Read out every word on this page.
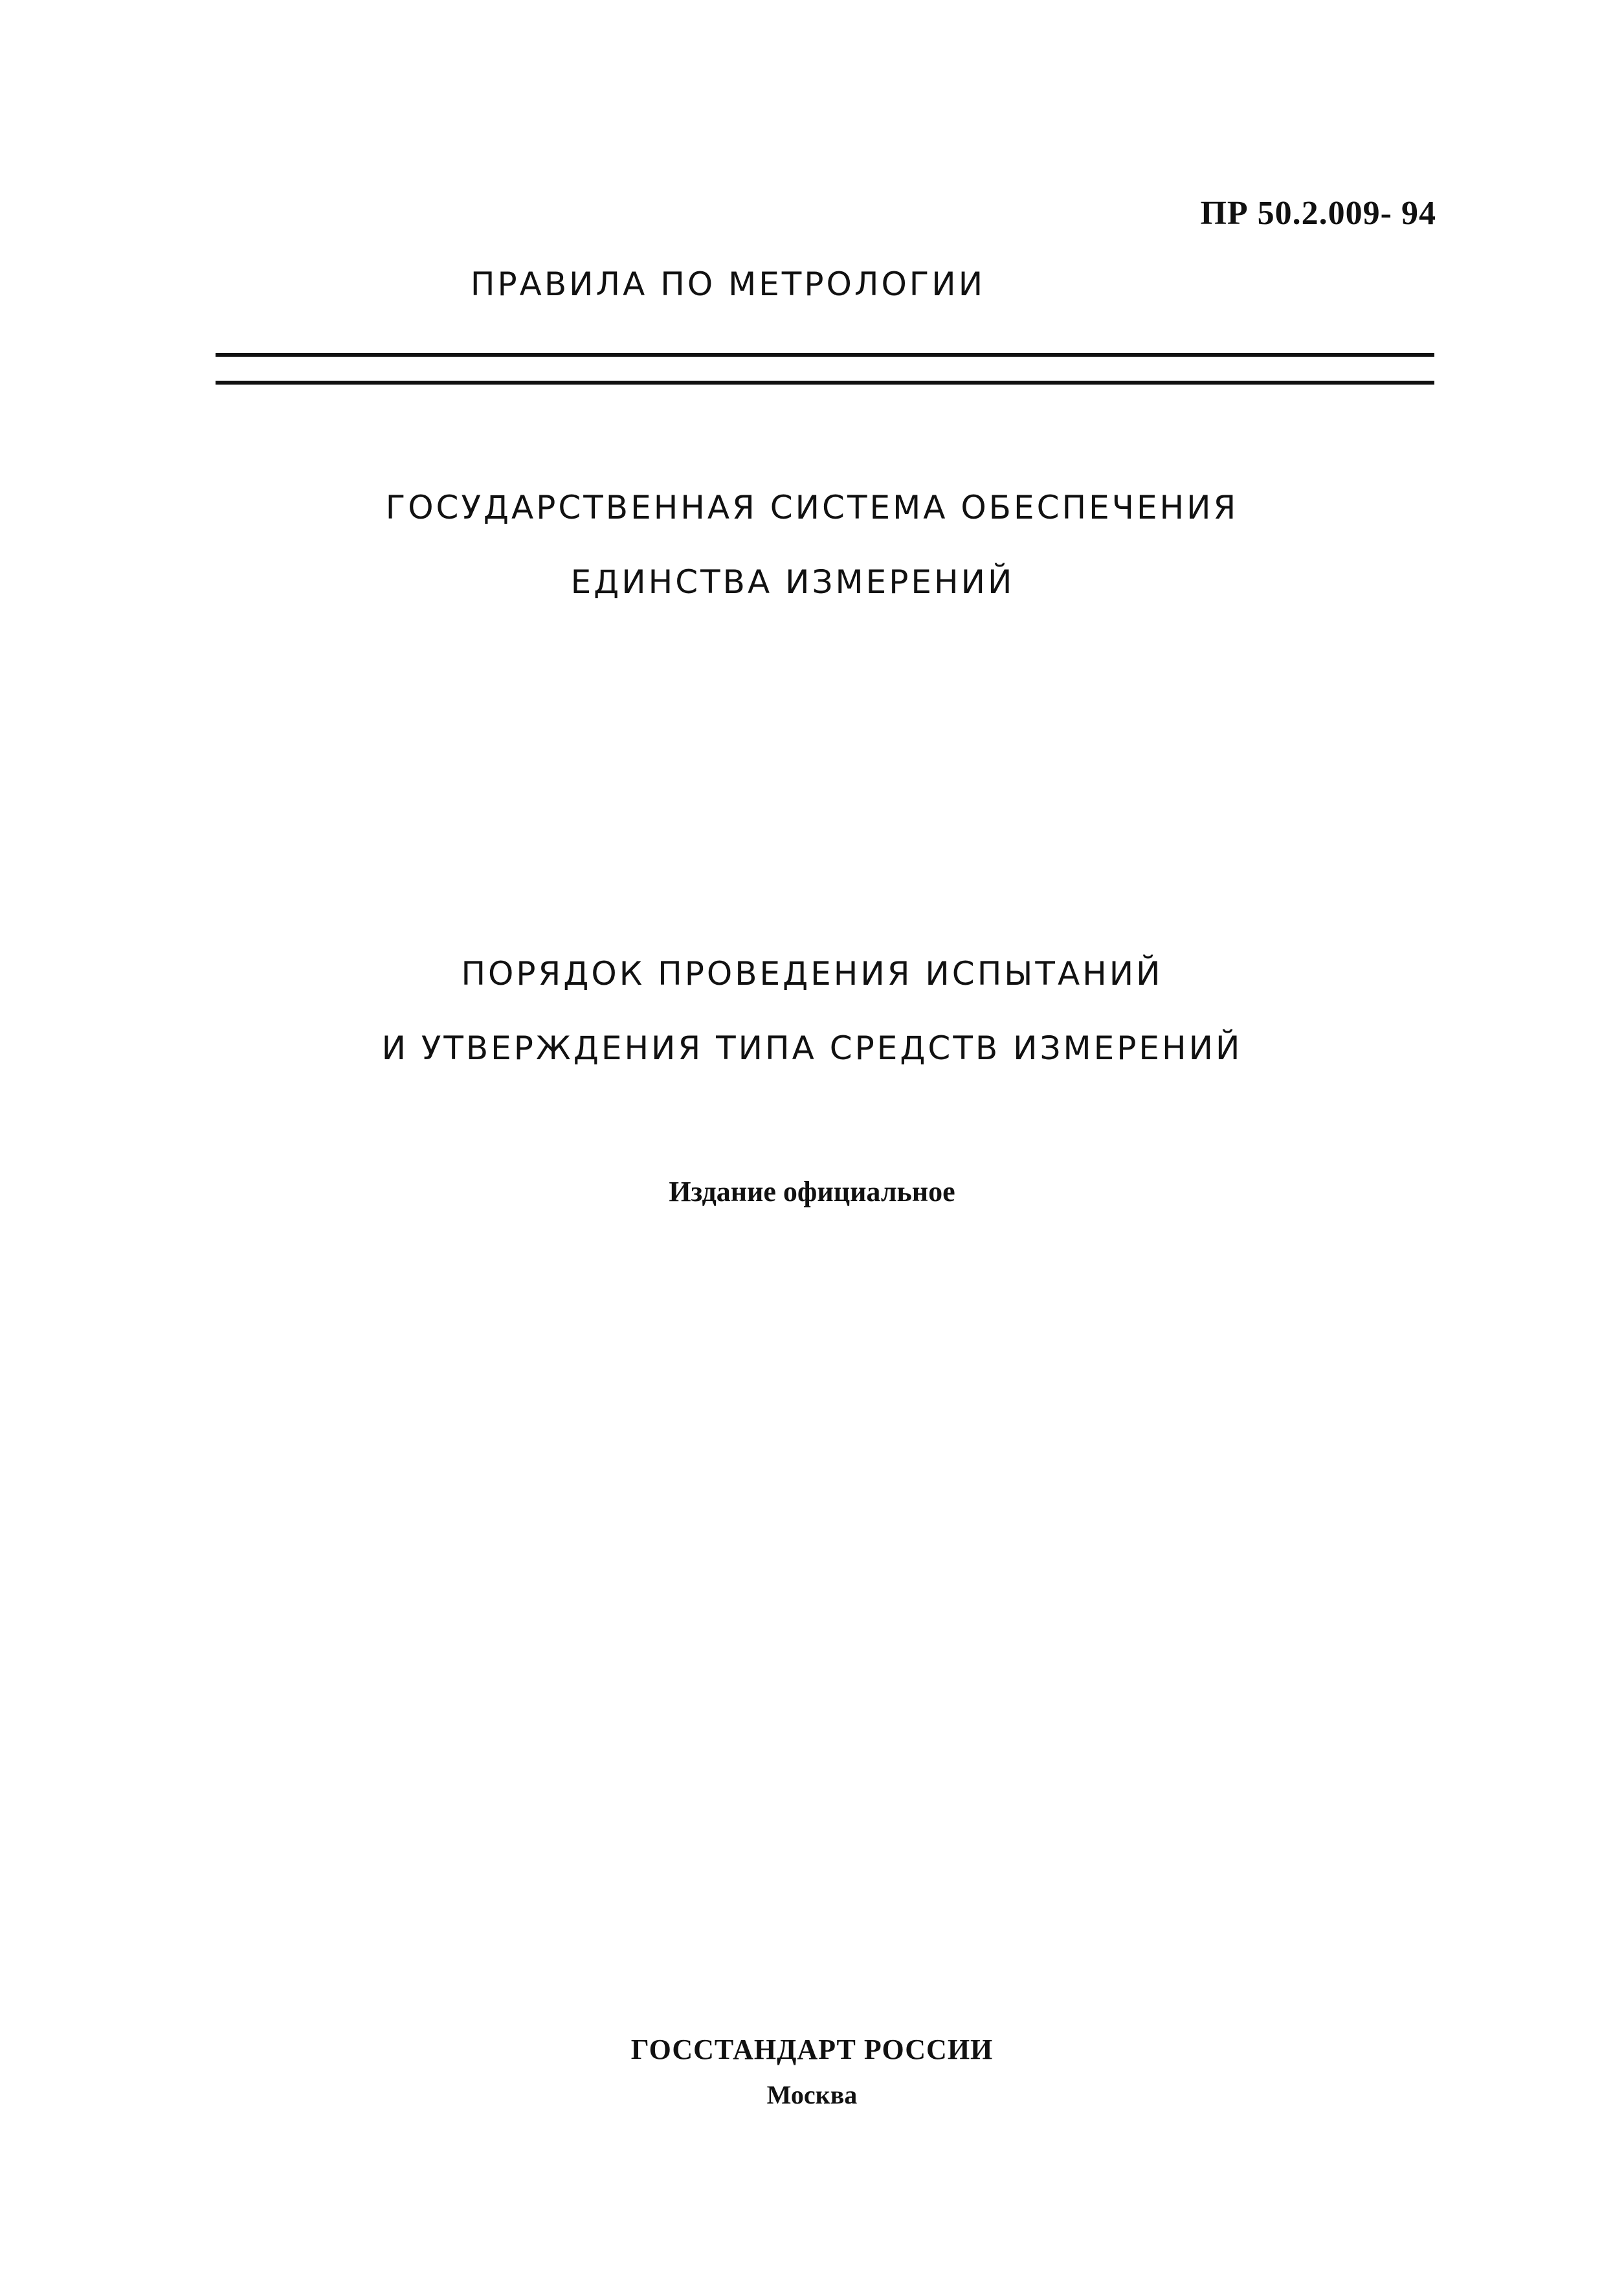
ПР 50.2.009- 94
ПРАВИЛА ПО МЕТРОЛОГИИ
ГОСУДАРСТВЕННАЯ СИСТЕМА ОБЕСПЕЧЕНИЯ
ЕДИНСТВА ИЗМЕРЕНИЙ
ПОРЯДОК ПРОВЕДЕНИЯ ИСПЫТАНИЙ
И УТВЕРЖДЕНИЯ ТИПА СРЕДСТВ ИЗМЕРЕНИЙ
Издание официальное
ГОССТАНДАРТ РОССИИ
Москва
